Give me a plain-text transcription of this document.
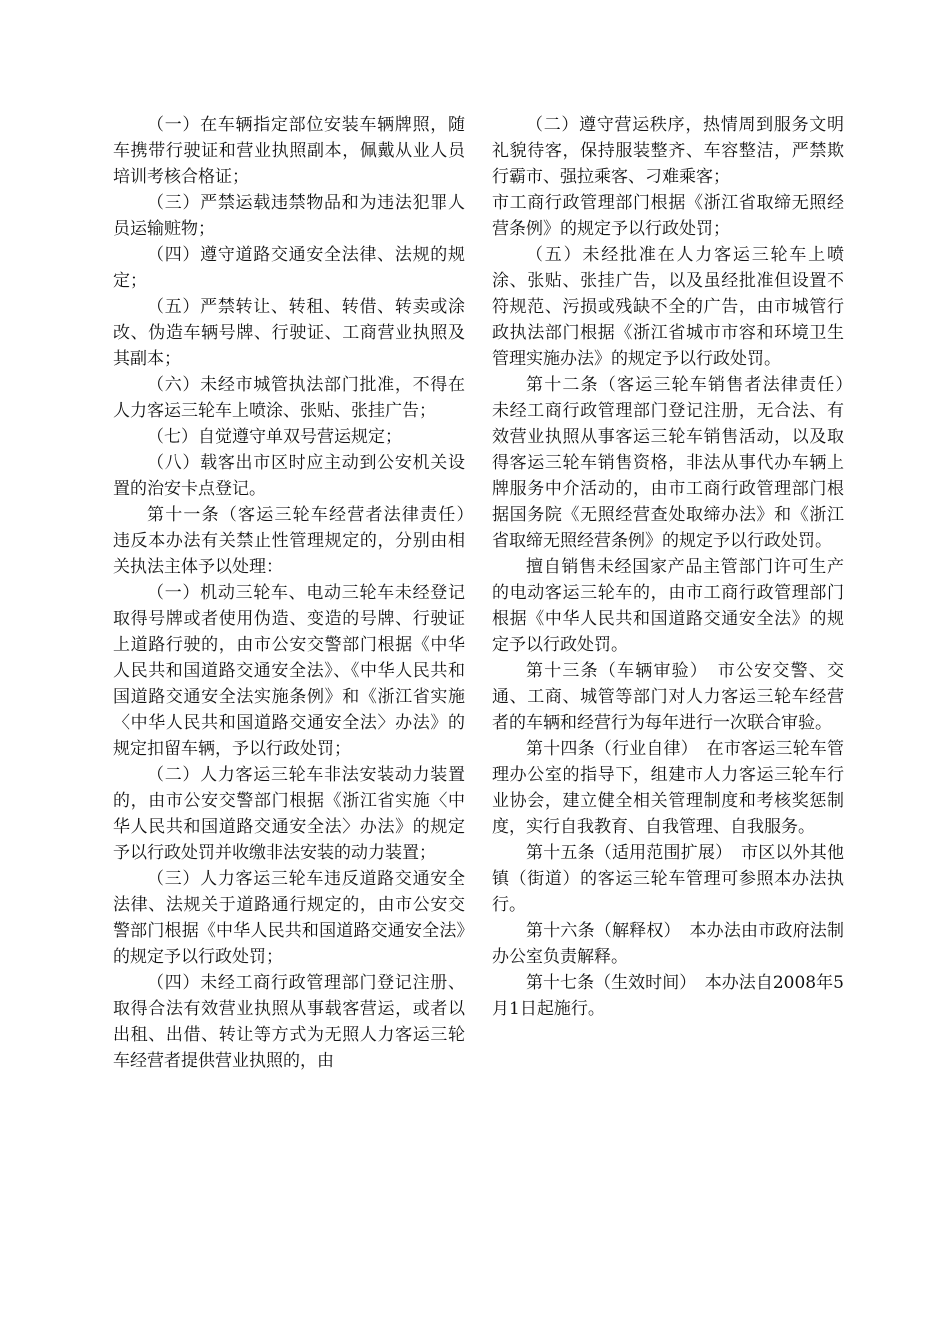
（一）在车辆指定部位安装车辆牌照，随车携带行驶证和营业执照副本，佩戴从业人员培训考核合格证；

（三）严禁运载违禁物品和为违法犯罪人员运输赃物；

（四）遵守道路交通安全法律、法规的规定；

（五）严禁转让、转租、转借、转卖或涂改、伪造车辆号牌、行驶证、工商营业执照及其副本；

（六）未经市城管执法部门批准，不得在人力客运三轮车上喷涂、张贴、张挂广告；

（七）自觉遵守单双号营运规定；

（八）载客出市区时应主动到公安机关设置的治安卡点登记。

第十一条（客运三轮车经营者法律责任）　违反本办法有关禁止性管理规定的，分别由相关执法主体予以处理：

（一）机动三轮车、电动三轮车未经登记取得号牌或者使用伪造、变造的号牌、行驶证上道路行驶的，由市公安交警部门根据《中华人民共和国道路交通安全法》、《中华人民共和国道路交通安全法实施条例》和《浙江省实施〈中华人民共和国道路交通安全法〉办法》的规定扣留车辆，予以行政处罚；

（二）人力客运三轮车非法安装动力装置的，由市公安交警部门根据《浙江省实施〈中华人民共和国道路交通安全法〉办法》的规定予以行政处罚并收缴非法安装的动力装置；

（三）人力客运三轮车违反道路交通安全法律、法规关于道路通行规定的，由市公安交警部门根据《中华人民共和国道路交通安全法》的规定予以行政处罚；

（四）未经工商行政管理部门登记注册、取得合法有效营业执照从事载客营运，或者以出租、出借、转让等方式为无照人力客运三轮车经营者提供营业执照的，由

（二）遵守营运秩序，热情周到服务文明礼貌待客，保持服装整齐、车容整洁，严禁欺行霸市、强拉乘客、刁难乘客；

市工商行政管理部门根据《浙江省取缔无照经营条例》的规定予以行政处罚；

（五）未经批准在人力客运三轮车上喷涂、张贴、张挂广告，以及虽经批准但设置不符规范、污损或残缺不全的广告，由市城管行政执法部门根据《浙江省城市市容和环境卫生管理实施办法》的规定予以行政处罚。

第十二条（客运三轮车销售者法律责任）　未经工商行政管理部门登记注册，无合法、有效营业执照从事客运三轮车销售活动，以及取得客运三轮车销售资格，非法从事代办车辆上牌服务中介活动的，由市工商行政管理部门根据国务院《无照经营查处取缔办法》和《浙江省取缔无照经营条例》的规定予以行政处罚。

擅自销售未经国家产品主管部门许可生产的电动客运三轮车的，由市工商行政管理部门根据《中华人民共和国道路交通安全法》的规定予以行政处罚。

第十三条（车辆审验）　市公安交警、交通、工商、城管等部门对人力客运三轮车经营者的车辆和经营行为每年进行一次联合审验。

第十四条（行业自律）　在市客运三轮车管理办公室的指导下，组建市人力客运三轮车行业协会，建立健全相关管理制度和考核奖惩制度，实行自我教育、自我管理、自我服务。

第十五条（适用范围扩展）　市区以外其他镇（街道）的客运三轮车管理可参照本办法执行。

第十六条（解释权）　本办法由市政府法制办公室负责解释。

第十七条（生效时间）　本办法自2008年5月1日起施行。
